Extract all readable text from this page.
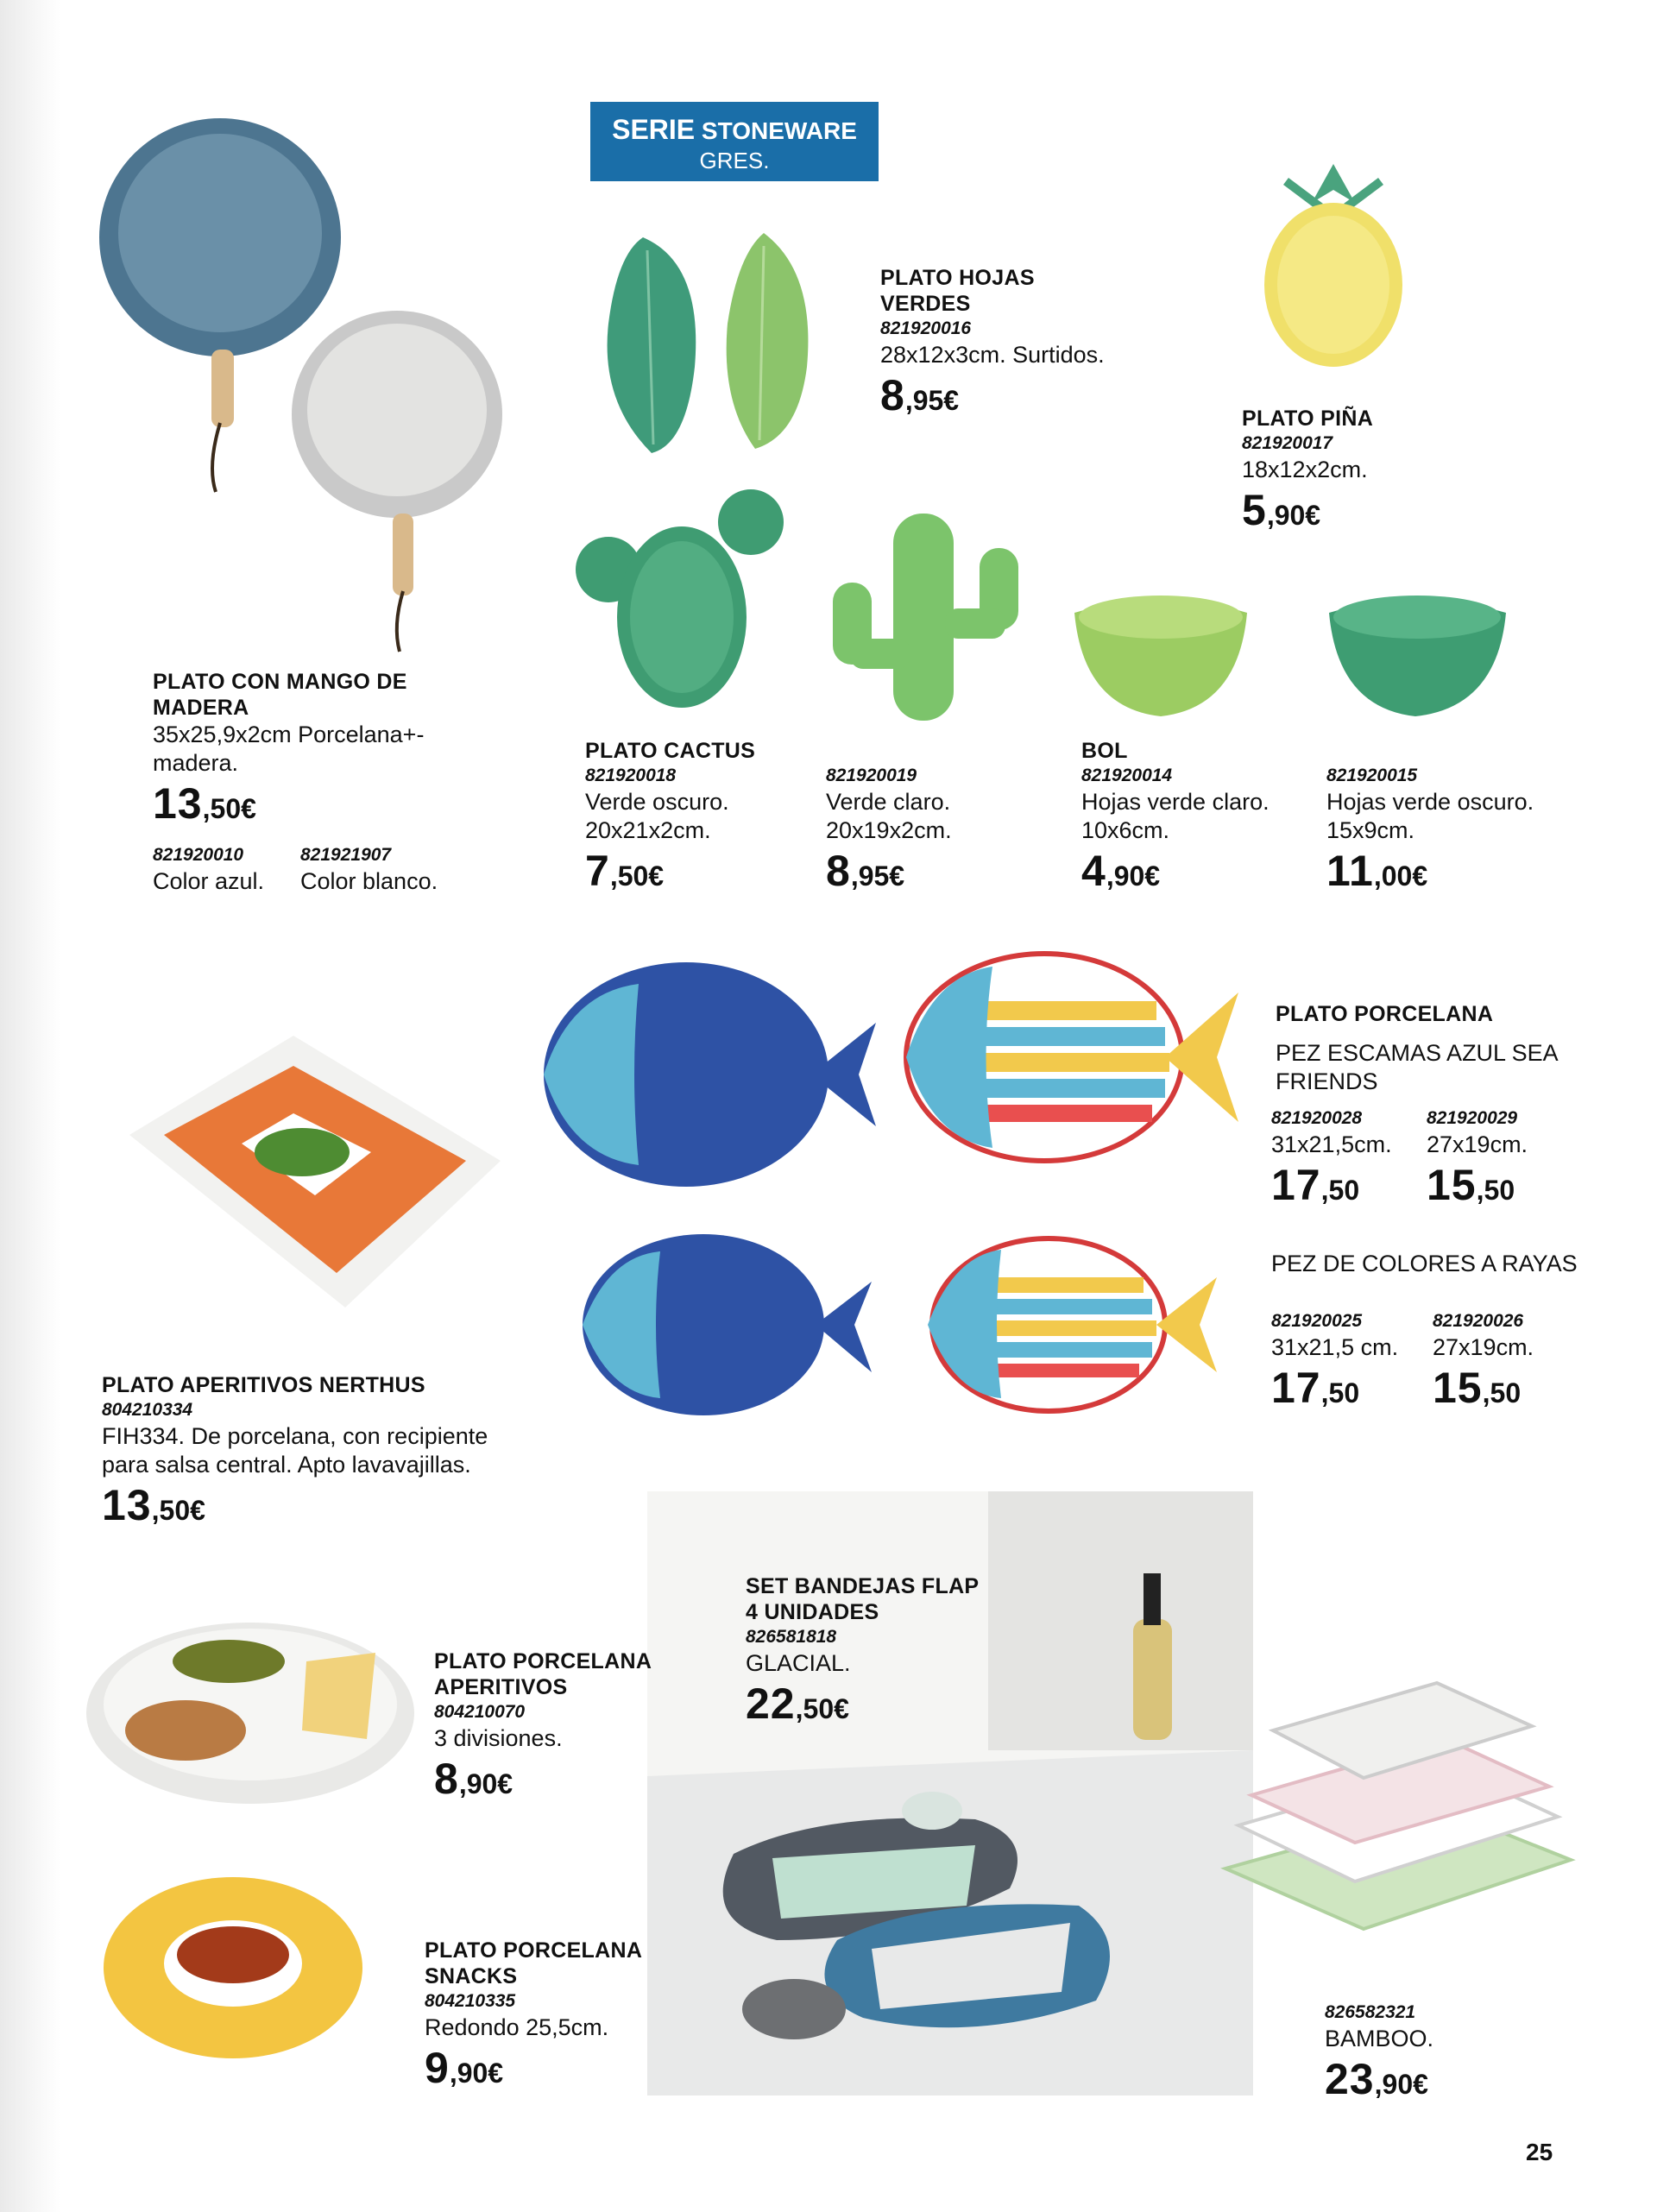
SERIE STONEWARE
GRES.
PLATO CON MANGO DE
MADERA
35x25,9x2cm Porcelana+-
madera.
13,50€
821920010
Color azul.
821921907
Color blanco.
PLATO HOJAS
VERDES
821920016
28x12x3cm. Surtidos.
8,95€
PLATO PIÑA
821920017
18x12x2cm.
5,90€
PLATO CACTUS
821920018
Verde oscuro.
20x21x2cm.
7,50€
821920019
Verde claro.
20x19x2cm.
8,95€
BOL
821920014
Hojas verde claro.
10x6cm.
4,90€
821920015
Hojas verde oscuro.
15x9cm.
11,00€
PLATO PORCELANA
PEZ ESCAMAS AZUL SEA
FRIENDS
821920028
31x21,5cm.
17,50
821920029
27x19cm.
15,50
PEZ DE COLORES A RAYAS
821920025
31x21,5 cm.
17,50
821920026
27x19cm.
15,50
PLATO APERITIVOS NERTHUS
804210334
FIH334. De porcelana, con recipiente
para salsa central. Apto lavavajillas.
13,50€
PLATO PORCELANA
APERITIVOS
804210070
3 divisiones.
8,90€
PLATO PORCELANA
SNACKS
804210335
Redondo 25,5cm.
9,90€
SET BANDEJAS FLAP
4 UNIDADES
826581818
GLACIAL.
22,50€
826582321
BAMBOO.
23,90€
25
